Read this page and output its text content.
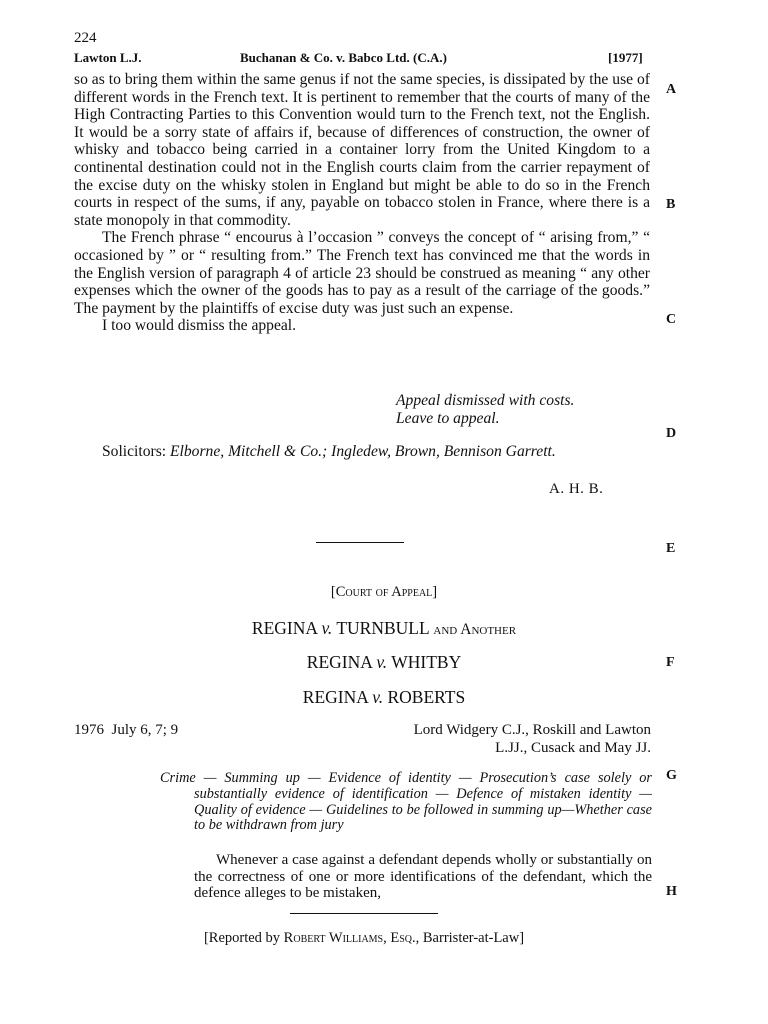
224
Lawton L.J.	Buchanan & Co. v. Babco Ltd. (C.A.)	[1977]
A
B
C
D
E
F
G
H

so as to bring them within the same genus if not the same species, is dissipated by the use of different words in the French text. It is pertinent to remember that the courts of many of the High Contracting Parties to this Convention would turn to the French text, not the English. It would be a sorry state of affairs if, because of differences of construction, the owner of whisky and tobacco being carried in a container lorry from the United Kingdom to a continental destination could not in the English courts claim from the carrier repayment of the excise duty on the whisky stolen in England but might be able to do so in the French courts in respect of the sums, if any, payable on tobacco stolen in France, where there is a state monopoly in that commodity.

The French phrase “ encourus à l’occasion ” conveys the concept of “ arising from,” “ occasioned by ” or “ resulting from.” The French text has convinced me that the words in the English version of paragraph 4 of article 23 should be construed as meaning “ any other expenses which the owner of the goods has to pay as a result of the carriage of the goods.” The payment by the plaintiffs of excise duty was just such an expense.

I too would dismiss the appeal.

Appeal dismissed with costs.
Leave to appeal.
Solicitors: Elborne, Mitchell & Co.; Ingledew, Brown, Bennison Garrett.
A. H. B.
[Court of Appeal]
REGINA v. TURNBULL and Another
REGINA v. WHITBY
REGINA v. ROBERTS
1976  July 6, 7; 9	Lord Widgery C.J., Roskill and Lawton L.JJ., Cusack and May JJ.
Crime — Summing up — Evidence of identity — Prosecution’s case solely or substantially evidence of identification — Defence of mistaken identity — Quality of evidence — Guidelines to be followed in summing up—Whether case to be withdrawn from jury
Whenever a case against a defendant depends wholly or substantially on the correctness of one or more identifications of the defendant, which the defence alleges to be mistaken,
[Reported by Robert Williams, Esq., Barrister-at-Law]
